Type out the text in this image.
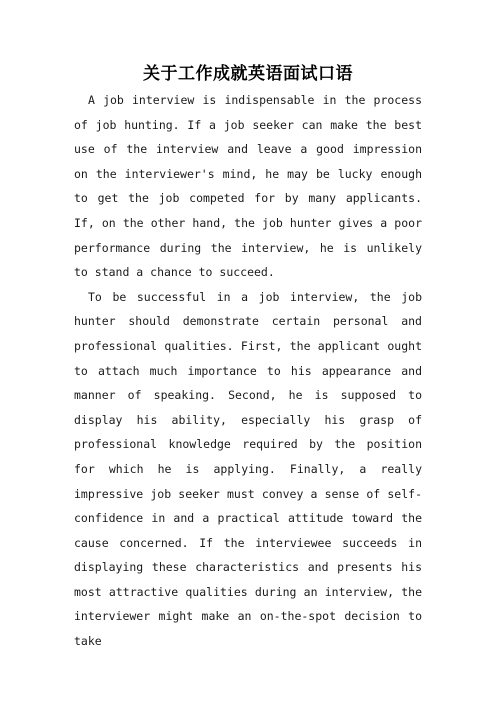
关于工作成就英语面试口语

A job interview is indispensable in the process of job hunting. If a job seeker can make the best use of the interview and leave a good impression on the interviewer's mind, he may be lucky enough to get the job competed for by many applicants. If, on the other hand, the job hunter gives a poor performance during the interview, he is unlikely to stand a chance to succeed.

To be successful in a job interview, the job hunter should demonstrate certain personal and professional qualities. First, the applicant ought to attach much importance to his appearance and manner of speaking. Second, he is supposed to display his ability, especially his grasp of professional knowledge required by the position for which he is applying. Finally, a really impressive job seeker must convey a sense of self-confidence in and a practical attitude toward the cause concerned. If the interviewee succeeds in displaying these characteristics and presents his most attractive qualities during an interview, the interviewer might make an on-the-spot decision to take
